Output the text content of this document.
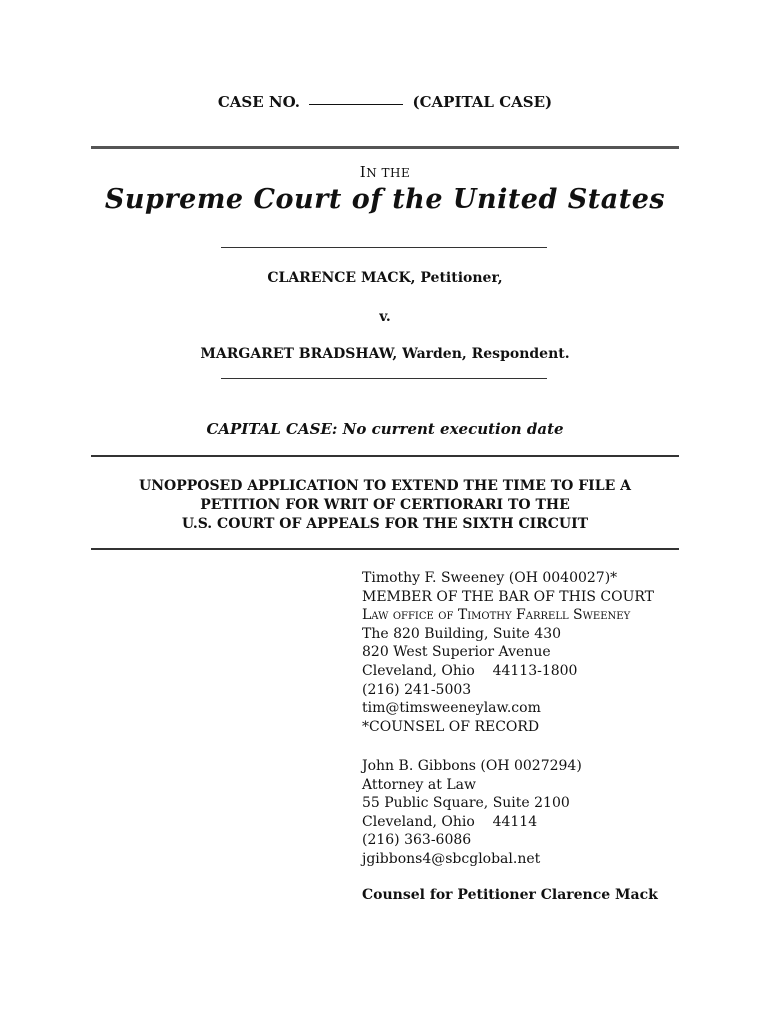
CASE NO.	(CAPITAL CASE)
IN THE
Supreme Court of the United States
CLARENCE MACK, Petitioner,
v.
MARGARET BRADSHAW, Warden, Respondent.
CAPITAL CASE: No current execution date
UNOPPOSED APPLICATION TO EXTEND THE TIME TO FILE A
PETITION FOR WRIT OF CERTIORARI TO THE
U.S. COURT OF APPEALS FOR THE SIXTH CIRCUIT
Timothy F. Sweeney (OH 0040027)*
MEMBER OF THE BAR OF THIS COURT
Law office of Timothy Farrell Sweeney
The 820 Building, Suite 430
820 West Superior Avenue
Cleveland, Ohio    44113-1800
(216) 241-5003
tim@timsweeneylaw.com
*COUNSEL OF RECORD
John B. Gibbons (OH 0027294)
Attorney at Law
55 Public Square, Suite 2100
Cleveland, Ohio    44114
(216) 363-6086
jgibbons4@sbcglobal.net
Counsel for Petitioner Clarence Mack
